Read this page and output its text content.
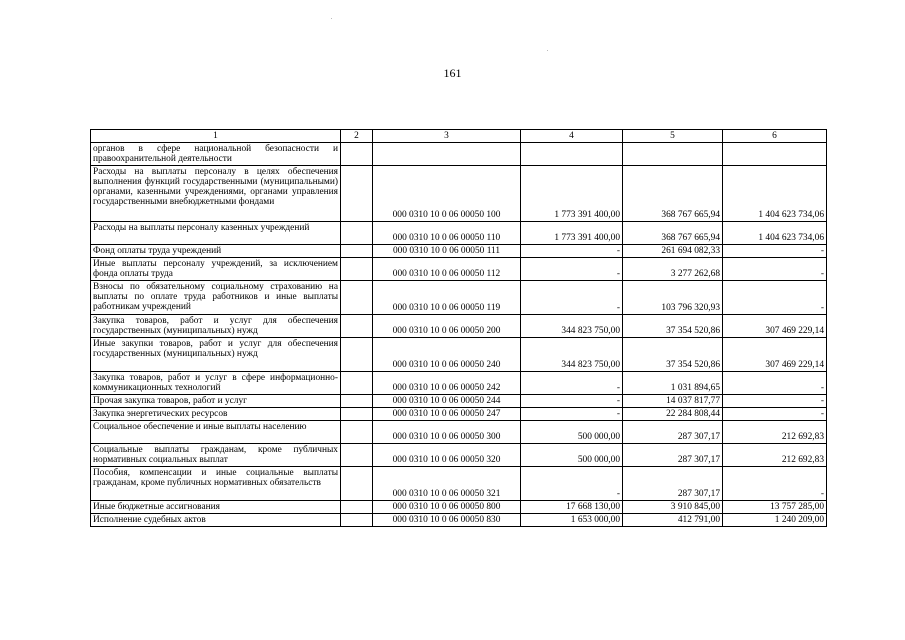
161
1	2	3	4	5	6
органов в сфере национальной безопасности и правоохранительной деятельности					
Расходы на выплаты персоналу в целях обеспечения выполнения функций государственными (муниципальными) органами, казенными учреждениями, органами управления государственными внебюджетными фондами		000 0310 10 0 06 00050 100	1 773 391 400,00	368 767 665,94	1 404 623 734,06
Расходы на выплаты персоналу казенных учреждений		000 0310 10 0 06 00050 110	1 773 391 400,00	368 767 665,94	1 404 623 734,06
Фонд оплаты труда учреждений		000 0310 10 0 06 00050 111	-	261 694 082,33	-
Иные выплаты персоналу учреждений, за исключением фонда оплаты труда		000 0310 10 0 06 00050 112	-	3 277 262,68	-
Взносы по обязательному социальному страхованию на выплаты по оплате труда работников и иные выплаты работникам учреждений		000 0310 10 0 06 00050 119	-	103 796 320,93	-
Закупка товаров, работ и услуг для обеспечения государственных (муниципальных) нужд		000 0310 10 0 06 00050 200	344 823 750,00	37 354 520,86	307 469 229,14
Иные закупки товаров, работ и услуг для обеспечения государственных (муниципальных) нужд		000 0310 10 0 06 00050 240	344 823 750,00	37 354 520,86	307 469 229,14
Закупка товаров, работ и услуг в сфере информационно-коммуникационных технологий		000 0310 10 0 06 00050 242	-	1 031 894,65	-
Прочая закупка товаров, работ и услуг		000 0310 10 0 06 00050 244	-	14 037 817,77	-
Закупка энергетических ресурсов		000 0310 10 0 06 00050 247	-	22 284 808,44	-
Социальное обеспечение и иные выплаты населению		000 0310 10 0 06 00050 300	500 000,00	287 307,17	212 692,83
Социальные выплаты гражданам, кроме публичных нормативных социальных выплат		000 0310 10 0 06 00050 320	500 000,00	287 307,17	212 692,83
Пособия, компенсации и иные социальные выплаты гражданам, кроме публичных нормативных обязательств		000 0310 10 0 06 00050 321	-	287 307,17	-
Иные бюджетные ассигнования		000 0310 10 0 06 00050 800	17 668 130,00	3 910 845,00	13 757 285,00
Исполнение судебных актов		000 0310 10 0 06 00050 830	1 653 000,00	412 791,00	1 240 209,00
